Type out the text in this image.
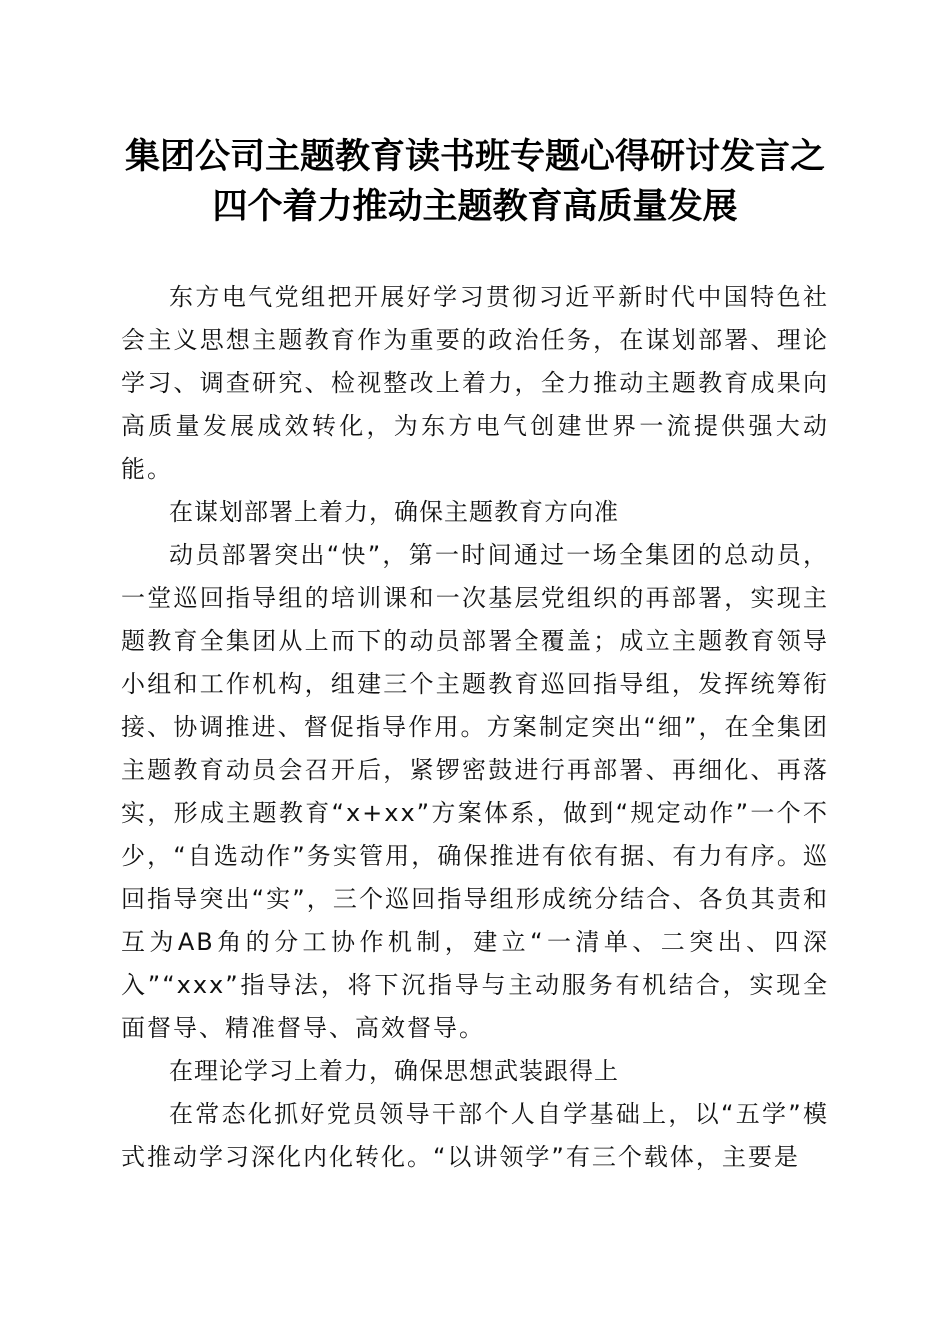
集团公司主题教育读书班专题心得研讨发言之
四个着力推动主题教育高质量发展

东方电气党组把开展好学习贯彻习近平新时代中国特色社会主义思想主题教育作为重要的政治任务，在谋划部署、理论学习、调查研究、检视整改上着力，全力推动主题教育成果向高质量发展成效转化，为东方电气创建世界一流提供强大动能。

在谋划部署上着力，确保主题教育方向准

动员部署突出“快”，第一时间通过一场全集团的总动员，一堂巡回指导组的培训课和一次基层党组织的再部署，实现主题教育全集团从上而下的动员部署全覆盖；成立主题教育领导小组和工作机构，组建三个主题教育巡回指导组，发挥统筹衔接、协调推进、督促指导作用。方案制定突出“细”，在全集团主题教育动员会召开后，紧锣密鼓进行再部署、再细化、再落实，形成主题教育“x+xx”方案体系，做到“规定动作”一个不少，“自选动作”务实管用，确保推进有依有据、有力有序。巡回指导突出“实”，三个巡回指导组形成统分结合、各负其责和互为AB角的分工协作机制，建立“一清单、二突出、四深入”“xxx”指导法，将下沉指导与主动服务有机结合，实现全面督导、精准督导、高效督导。

在理论学习上着力，确保思想武装跟得上

在常态化抓好党员领导干部个人自学基础上，以“五学”模式推动学习深化内化转化。“以讲领学”有三个载体，主要是
